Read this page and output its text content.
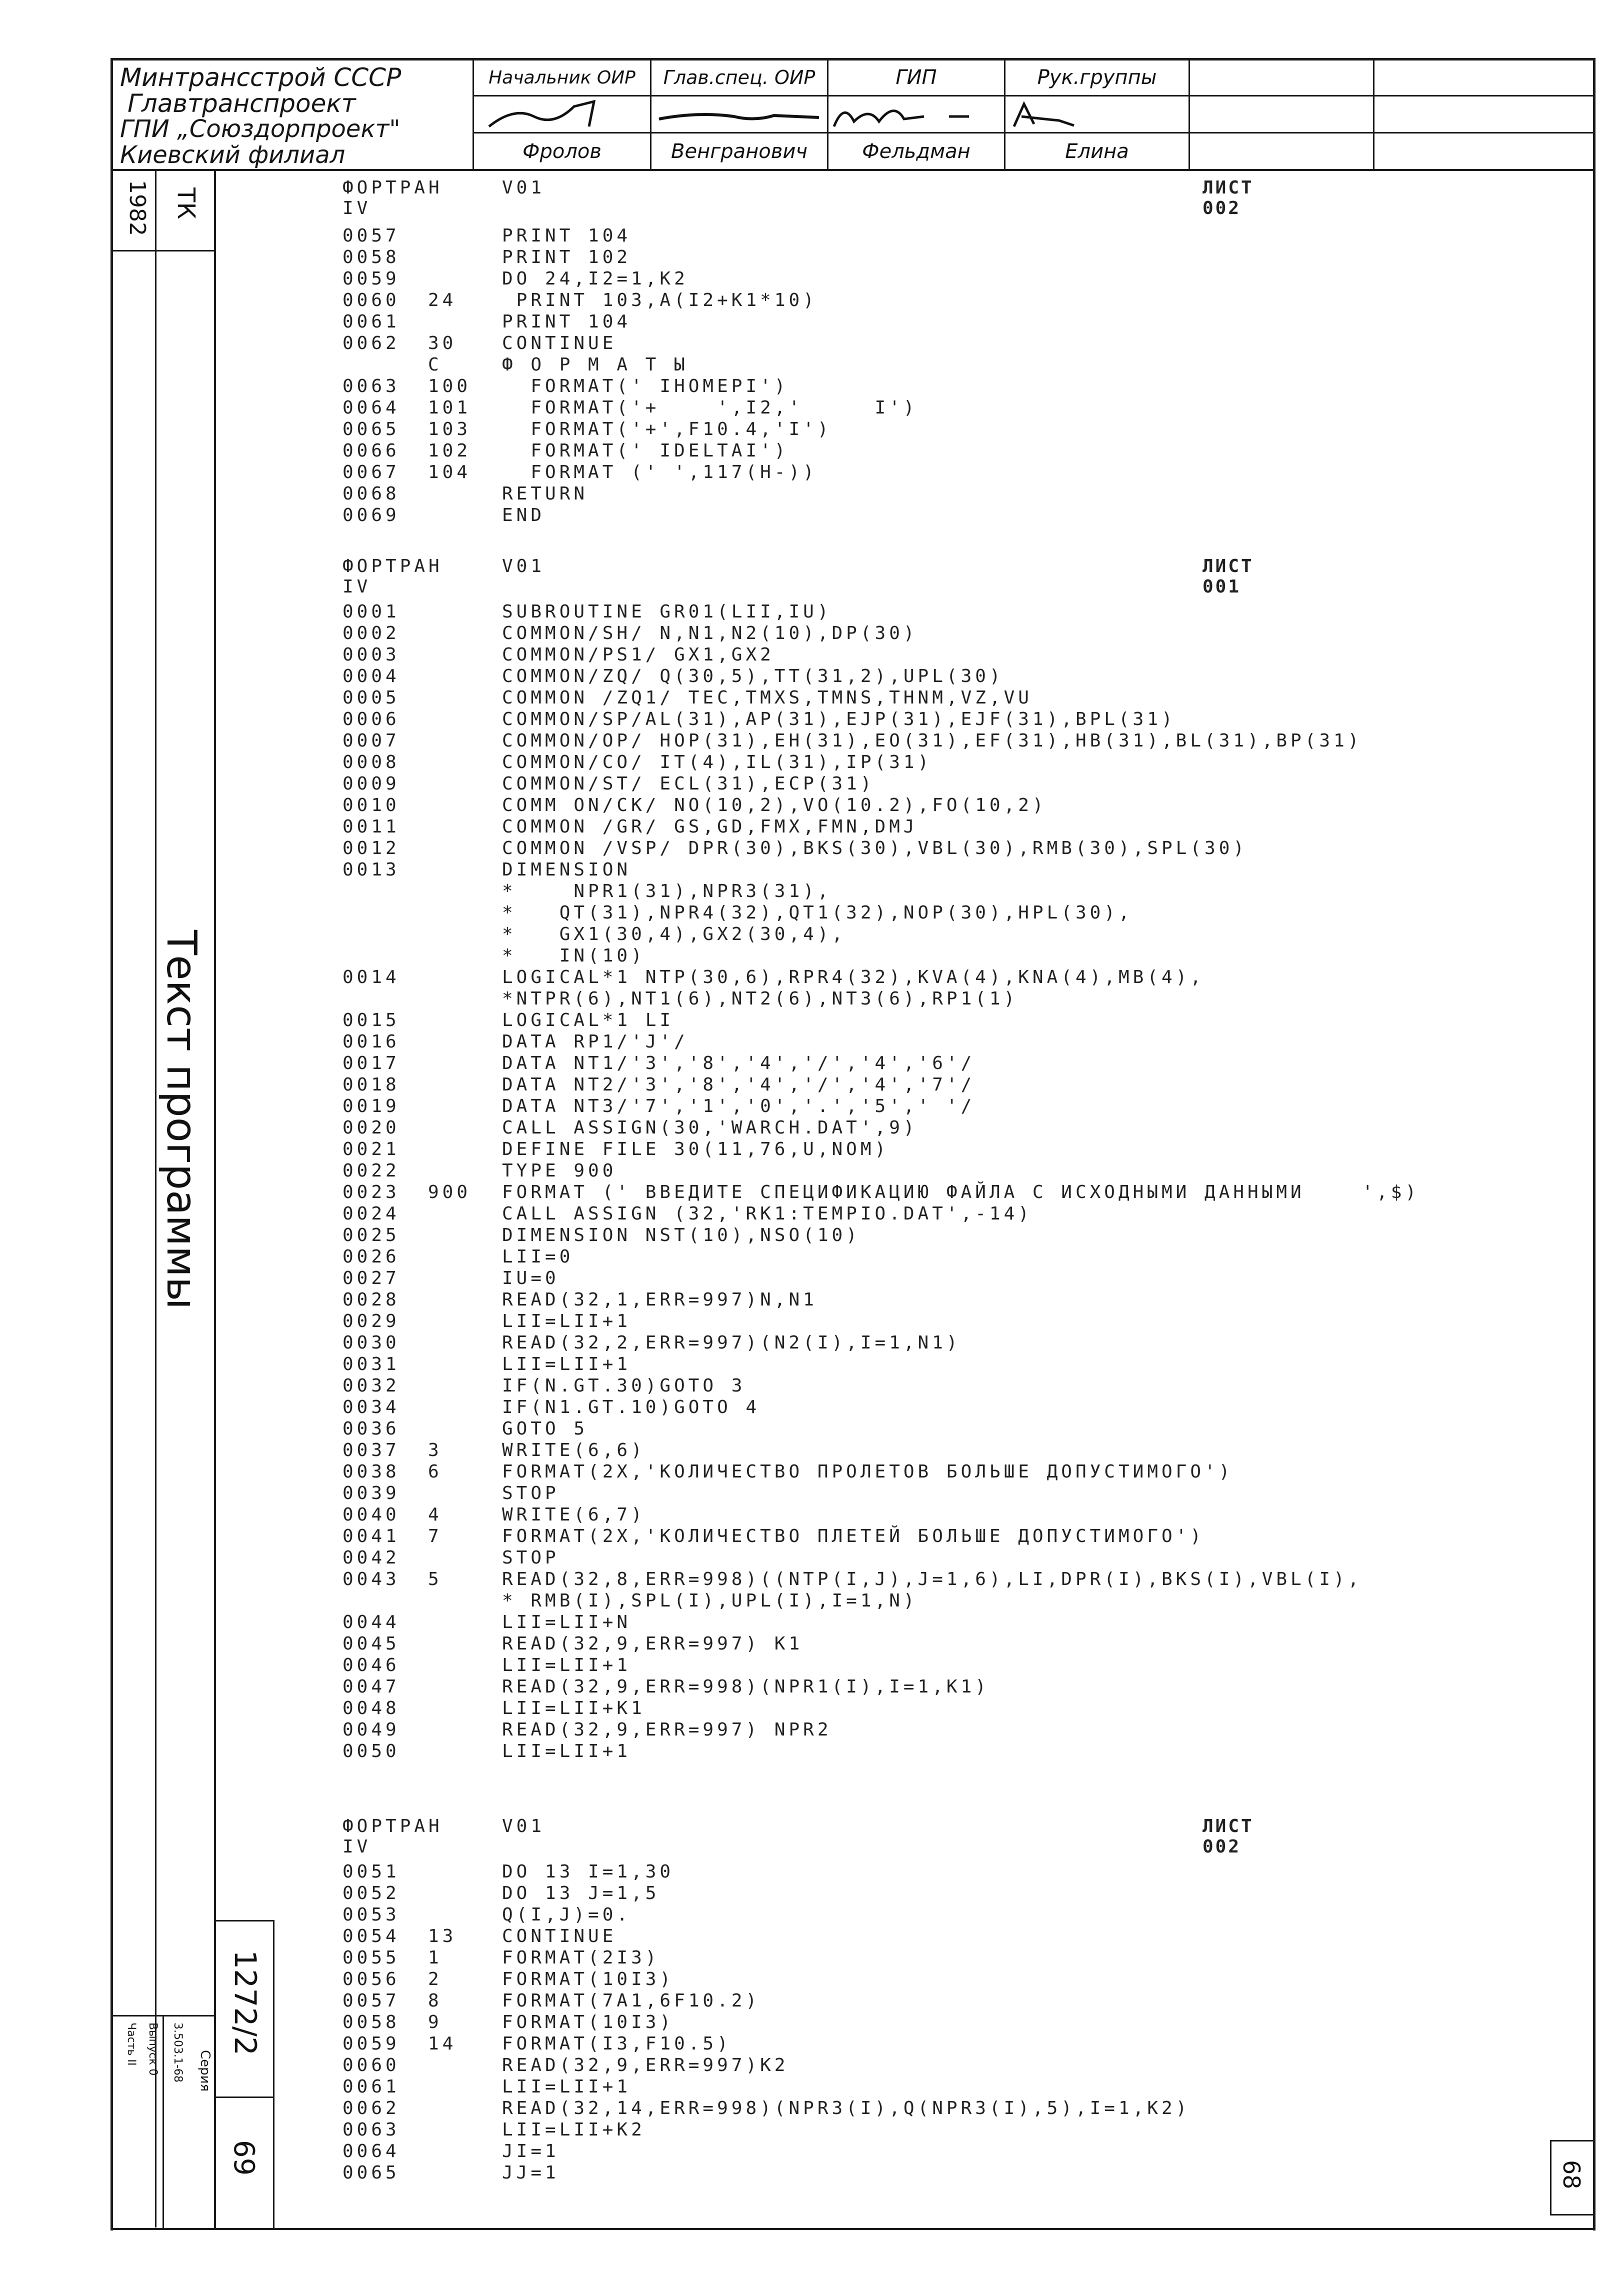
Минтрансстрой СССР
Главтранспроект
ГПИ „Союздорпроект"
Киевский филиал
Начальник ОИР	Глав.спец. ОИР	ГИП	Рук.группы
Фролов	Венгранович	Фельдман	Елина
1982 ТК
Текст программы
1272/2
69
Серия
3.503.1-68
Выпуск 0
Часть II
68
ФОРТРАН IV
V01	ЛИСТ 002
0057	PRINT 104
0058	PRINT 102
0059	DO 24,I2=1,K2
0060 24	PRINT 103,A(I2+K1*10)
0061	PRINT 104
0062 30	CONTINUE
C	Ф О Р М А Т Ы
0063 100 FORMAT(' IHOMEPI')
0064 101 FORMAT('+    ',I2,'     I')
0065 103 FORMAT('+',F10.4,'I')
0066 102 FORMAT(' IDELTAI')
0067 104 FORMAT (' ',117(H-))
0068	RETURN
0069	END
ФОРТРАН IV
V01	ЛИСТ 001
0001	SUBROUTINE GR01(LII,IU)
0002	COMMON/SH/ N,N1,N2(10),DP(30)
0003	COMMON/PS1/ GX1,GX2
0004	COMMON/ZQ/ Q(30,5),TT(31,2),UPL(30)
0005	COMMON /ZQ1/ TEC,TMXS,TMNS,THNM,VZ,VU
0006	COMMON/SP/AL(31),AP(31),EJP(31),EJF(31),BPL(31)
0007	COMMON/OP/ HOP(31),EH(31),EO(31),EF(31),HB(31),BL(31),BP(31)
0008	COMMON/CO/ IT(4),IL(31),IP(31)
0009	COMMON/ST/ ECL(31),ECP(31)
0010	COMM ON/CK/ NO(10,2),VO(10.2),FO(10,2)
0011	COMMON /GR/ GS,GD,FMX,FMN,DMJ
0012	COMMON /VSP/ DPR(30),BKS(30),VBL(30),RMB(30),SPL(30)
0013	DIMENSION
*    NPR1(31),NPR3(31),
*   QT(31),NPR4(32),QT1(32),NOP(30),HPL(30),
*   GX1(30,4),GX2(30,4),
*   IN(10)
0014	LOGICAL*1 NTP(30,6),RPR4(32),KVA(4),KNA(4),MB(4),
*NTPR(6),NT1(6),NT2(6),NT3(6),RP1(1)
0015	LOGICAL*1 LI
0016	DATA RP1/'J'/
0017	DATA NT1/'3','8','4','/','4','6'/
0018	DATA NT2/'3','8','4','/','4','7'/
0019	DATA NT3/'7','1','0','.','5',' '/
0020	CALL ASSIGN(30,'WARCH.DAT',9)
0021	DEFINE FILE 30(11,76,U,NOM)
0022	TYPE 900
0023 900 FORMAT (' ВВЕДИТЕ СПЕЦИФИКАЦИЮ ФАЙЛА С ИСХОДНЫМИ ДАННЫМИ    ',$)
0024	CALL ASSIGN (32,'RK1:TEMPIO.DAT',-14)
0025	DIMENSION NST(10),NSO(10)
0026	LII=0
0027	IU=0
0028	READ(32,1,ERR=997)N,N1
0029	LII=LII+1
0030	READ(32,2,ERR=997)(N2(I),I=1,N1)
0031	LII=LII+1
0032	IF(N.GT.30)GOTO 3
0034	IF(N1.GT.10)GOTO 4
0036	GOTO 5
0037 3	WRITE(6,6)
0038 6	FORMAT(2X,'КОЛИЧЕСТВО ПРОЛЕТОВ БОЛЬШЕ ДОПУСТИМОГО')
0039	STOP
0040 4	WRITE(6,7)
0041 7	FORMAT(2X,'КОЛИЧЕСТВО ПЛЕТЕЙ БОЛЬШЕ ДОПУСТИМОГО')
0042	STOP
0043 5	READ(32,8,ERR=998)((NTP(I,J),J=1,6),LI,DPR(I),BKS(I),VBL(I),
* RMB(I),SPL(I),UPL(I),I=1,N)
0044	LII=LII+N
0045	READ(32,9,ERR=997) K1
0046	LII=LII+1
0047	READ(32,9,ERR=998)(NPR1(I),I=1,K1)
0048	LII=LII+K1
0049	READ(32,9,ERR=997) NPR2
0050	LII=LII+1
ФОРТРАН IV
V01	ЛИСТ 002
0051	DO 13 I=1,30
0052	DO 13 J=1,5
0053	Q(I,J)=0.
0054 13	CONTINUE
0055 1	FORMAT(2I3)
0056 2	FORMAT(10I3)
0057 8	FORMAT(7A1,6F10.2)
0058 9	FORMAT(10I3)
0059 14	FORMAT(I3,F10.5)
0060	READ(32,9,ERR=997)K2
0061	LII=LII+1
0062	READ(32,14,ERR=998)(NPR3(I),Q(NPR3(I),5),I=1,K2)
0063	LII=LII+K2
0064	JI=1
0065	JJ=1
